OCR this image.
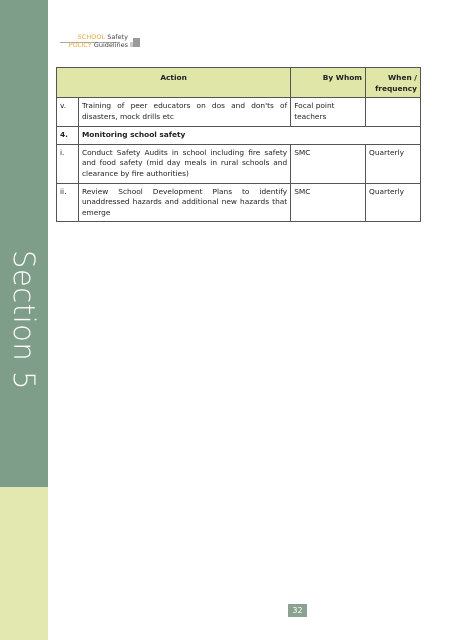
Section 5
SCHOOL Safety
POLICY Guidelines
Action		By Whom	When / frequency
v.	Training of peer educators on dos and don'ts of disasters, mock drills etc	Focal point teachers	
4.	Monitoring school safety		
i.	Conduct Safety Audits in school including fire safety and food safety (mid day meals in rural schools and clearance by fire authorities)	SMC	Quarterly
ii.	Review School Development Plans to identify unaddressed hazards and additional new hazards that emerge	SMC	Quarterly
32
